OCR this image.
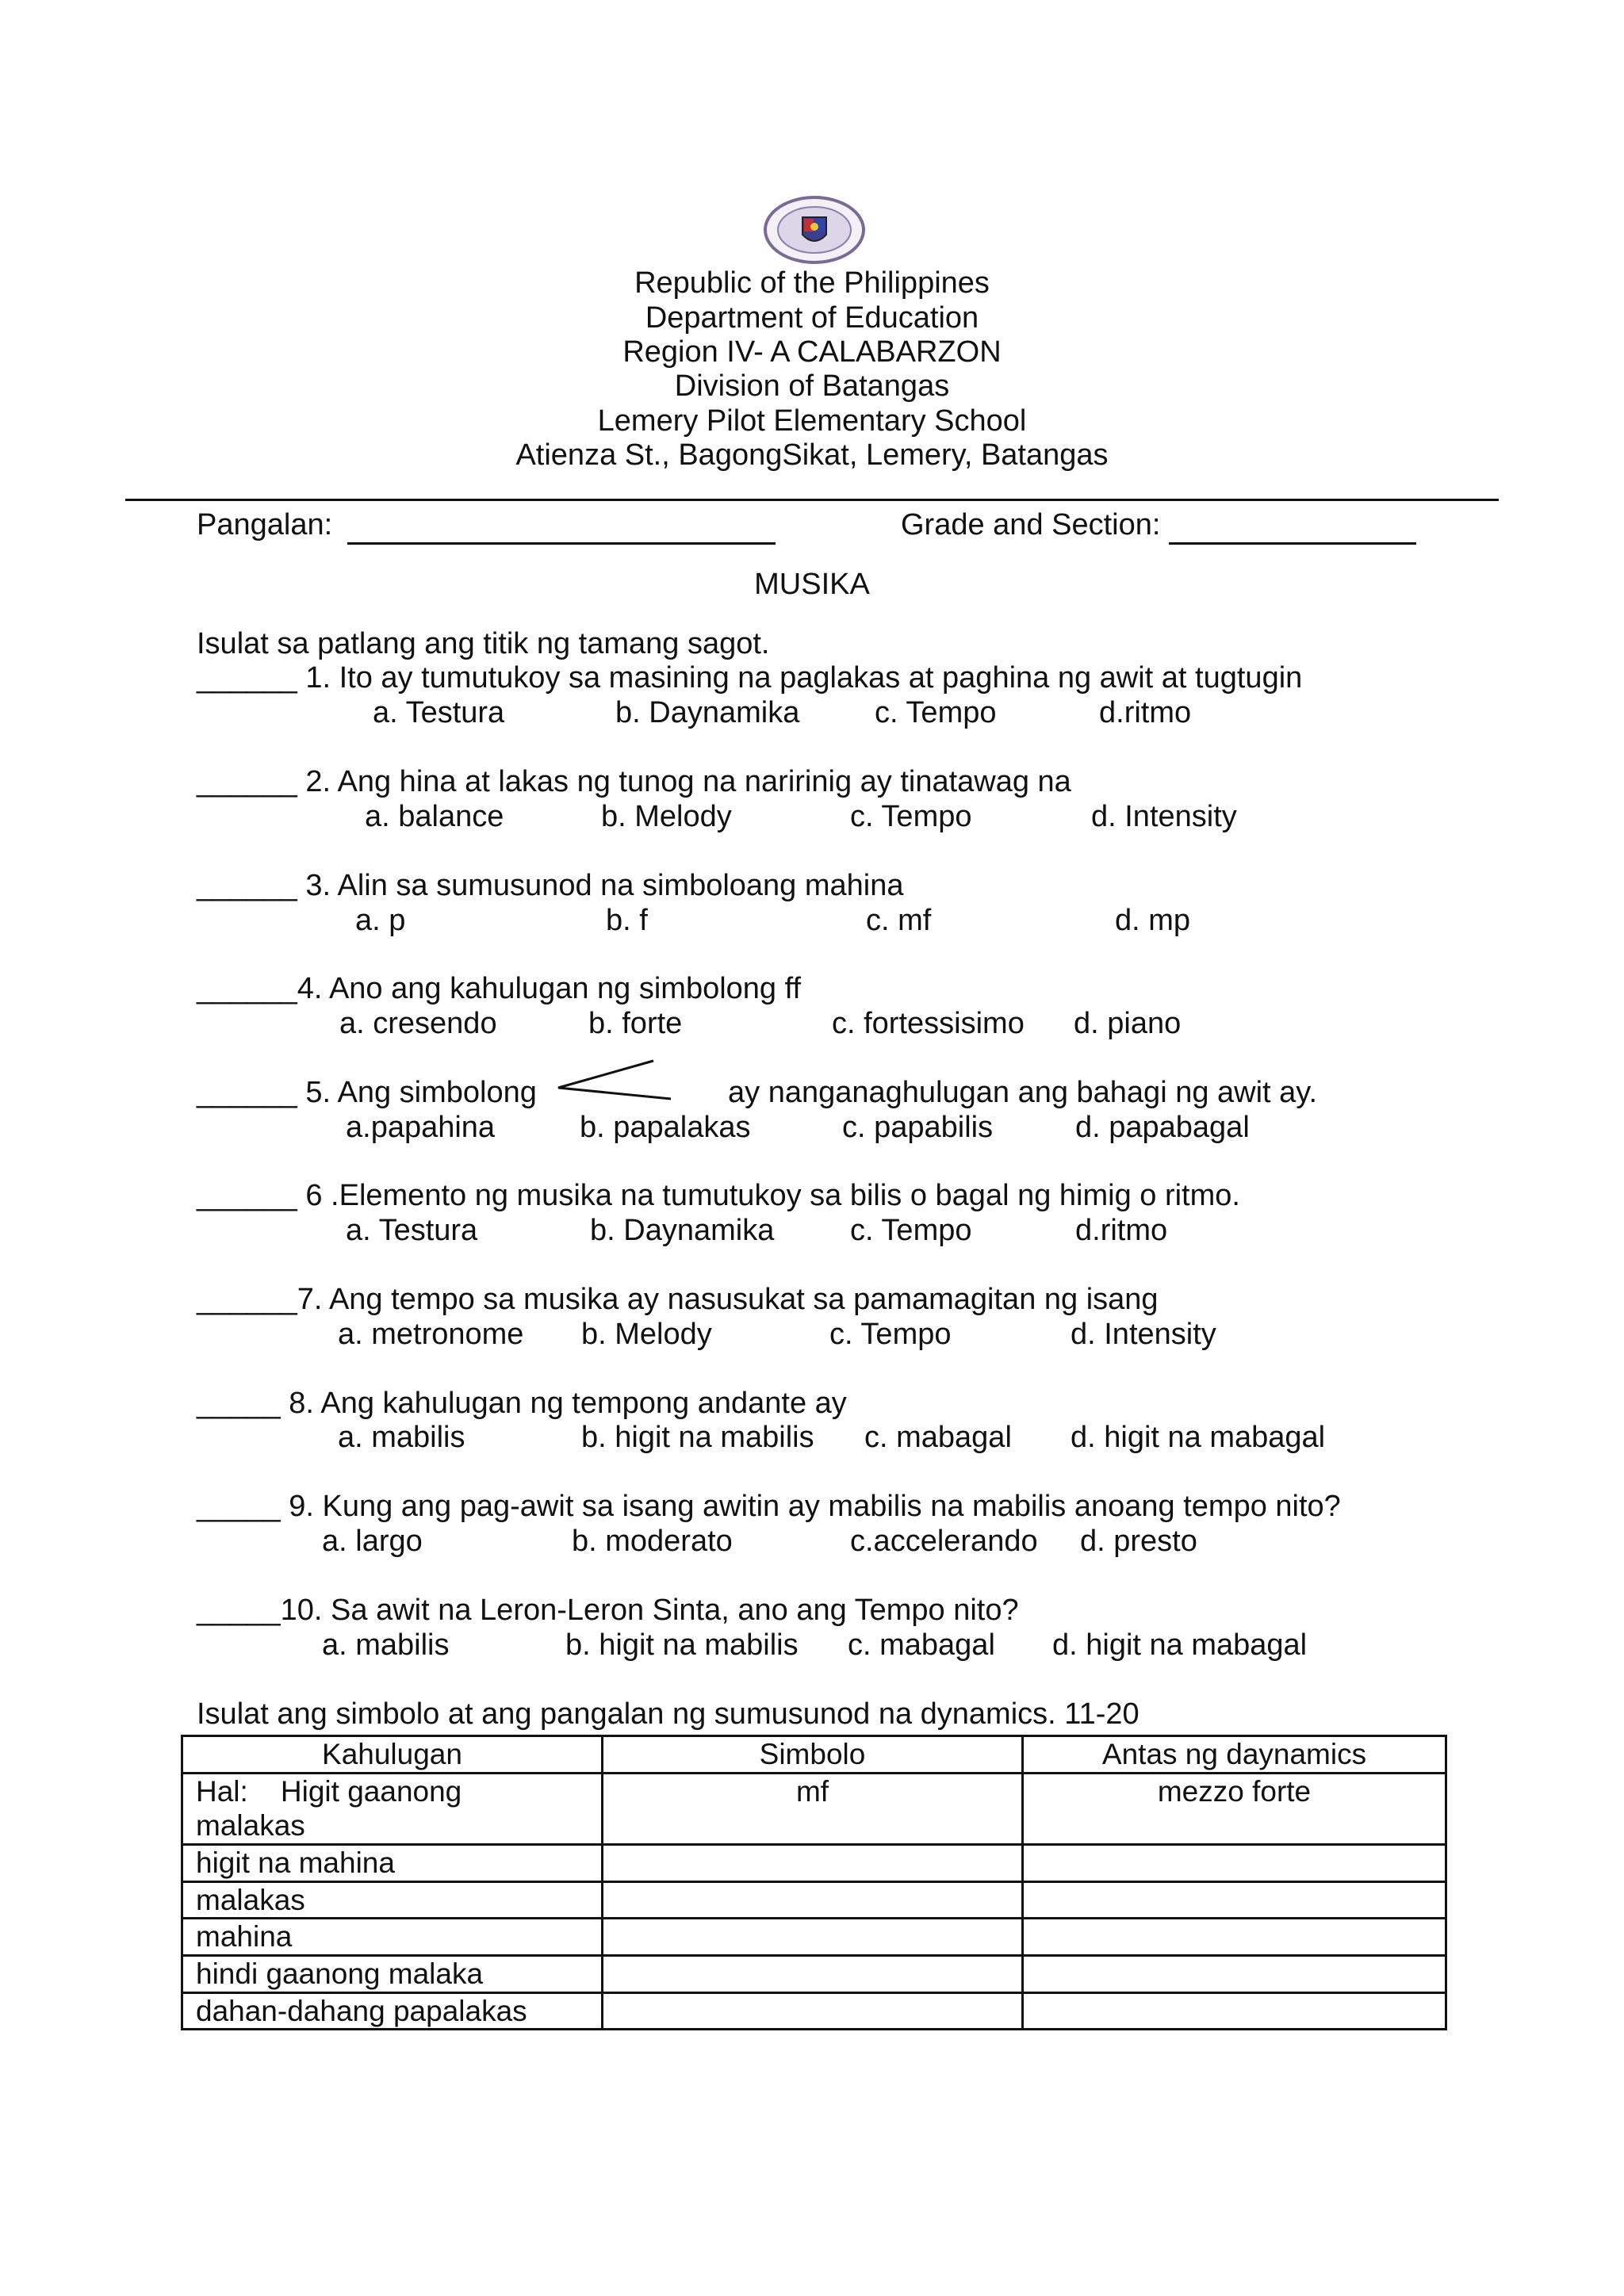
Republic of the Philippines
Department of Education
Region IV- A CALABARZON
Division of Batangas
Lemery Pilot Elementary School
Atienza St., BagongSikat, Lemery, Batangas
Pangalan:	Grade and Section:
MUSIKA
Isulat sa patlang ang titik ng tamang sagot.
______ 1. Ito ay tumutukoy sa masining na paglakas at paghina ng awit at tugtugin
a. Testura	b. Daynamika c. Tempo	d.ritmo
______ 2. Ang hina at lakas ng tunog na naririnig ay tinatawag na
a. balance	b. Melody	c. Tempo	d. Intensity
______ 3. Alin sa sumusunod na simboloang mahina
a. p	b. f	c. mf	d. mp
______4. Ano ang kahulugan ng simbolong ff
a. cresendo	b. forte	c. fortessisimo d. piano
______ 5. Ang simbolong	ay nanganaghulugan ang bahagi ng awit ay.
a.papahina	b. papalakas	c. papabilis	d. papabagal
______ 6 .Elemento ng musika na tumutukoy sa bilis o bagal ng himig o ritmo.
a. Testura	b. Daynamika	c. Tempo	d.ritmo
______7. Ang tempo sa musika ay nasusukat sa pamamagitan ng isang
a. metronome b. Melody	c. Tempo	d. Intensity
_____ 8. Ang kahulugan ng tempong andante ay
a. mabilis	b. higit na mabilis c. mabagal d. higit na mabagal
_____ 9. Kung ang pag-awit sa isang awitin ay mabilis na mabilis anoang tempo nito?
a. largo	b. moderato	c.accelerando d. presto
_____10. Sa awit na Leron-Leron Sinta, ano ang Tempo nito?
a. mabilis	b. higit na mabilis c. mabagal d. higit na mabagal
Isulat ang simbolo at ang pangalan ng sumusunod na dynamics. 11-20
Kahulugan	Simbolo	Antas ng daynamics
Hal:    Higit gaanong
malakas	mf	mezzo forte
higit na mahina		
malakas		
mahina		
hindi gaanong malaka		
dahan-dahang papalakas		
